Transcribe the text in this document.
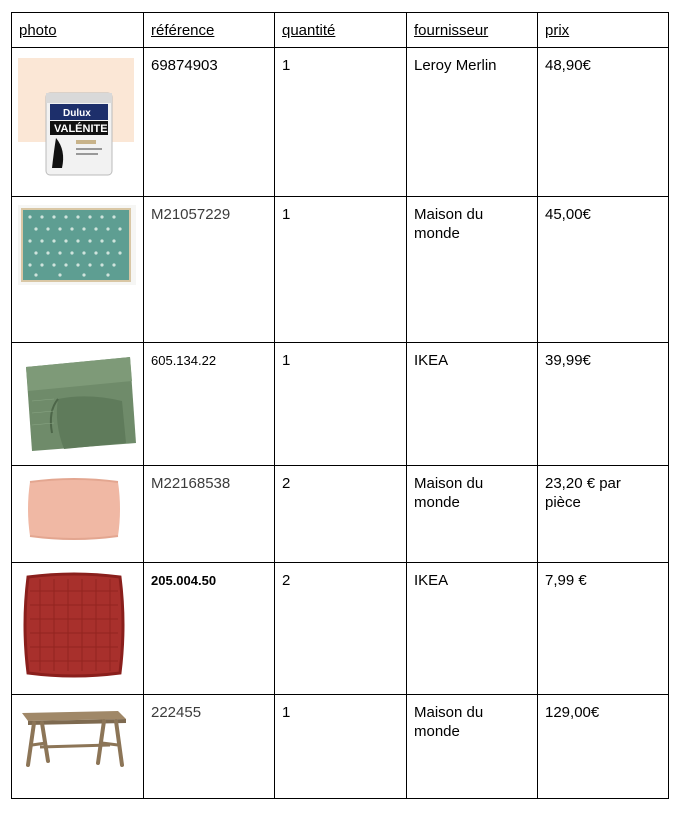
photo	référence	quantité	fournisseur	prix

Dulux
VALÉNITE	69874903	1	Leroy Merlin	48,90€

	M21057229	1	Maison du monde	45,00€

	605.134.22	1	IKEA	39,99€

	M22168538	2	Maison du monde	23,20 € par pièce

	205.004.50	2	IKEA	7,99 €

	222455	1	Maison du monde	129,00€
